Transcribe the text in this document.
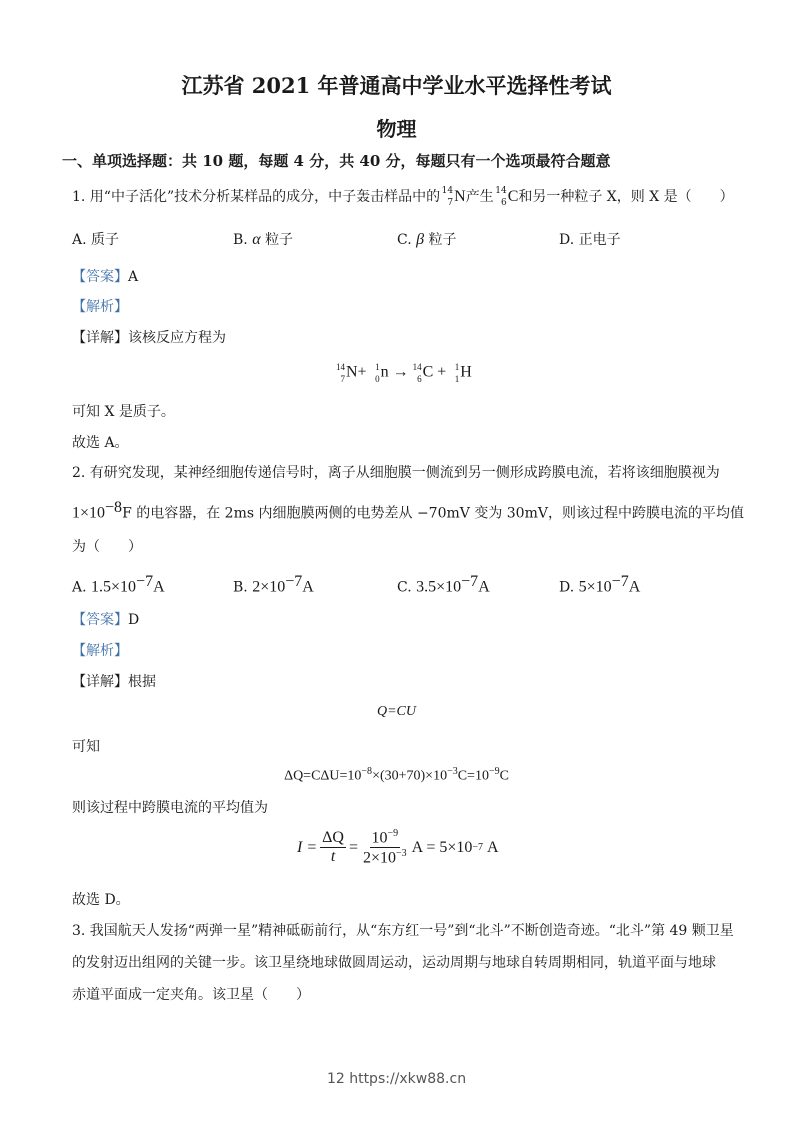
江苏省 2021 年普通高中学业水平选择性考试
物理
一、单项选择题：共 10 题，每题 4 分，共 40 分，每题只有一个选项最符合题意
1. 用“中子活化”技术分析某样品的成分，中子轰击样品中的 14
7 N产生 14
6 C和另一种粒子 X，则 X 是（　　）
A. 质子	B. α 粒子	C. β 粒子	D. 正电子
【答案】A
【解析】
【详解】该核反应方程为
14
7 N+ 1
0 n → 14
6 C + 1
1 H
可知 X 是质子。
故选 A。
2. 有研究发现，某神经细胞传递信号时，离子从细胞膜一侧流到另一侧形成跨膜电流，若将该细胞膜视为
$1\times 10^{-8}F$ 的电容器，在 2ms 内细胞膜两侧的电势差从 −70mV 变为 30mV，则该过程中跨膜电流的平均值
为（　　）
A. $1.5\times 10^{-7}A$	B. $2\times 10^{-7}A$	C. $3.5\times 10^{-7}A$	D. $5\times 10^{-7}A$
【答案】D
【解析】
【详解】根据
Q=CU
可知
$\Delta Q=C\Delta U=10^{-8}\times(30+70)\times 10^{-3}C=10^{-9}C$
则该过程中跨膜电流的平均值为
$I = \frac{\Delta Q}{t} = \frac{10^{-9}}{2\times 10^{-3}}$ A = 5×10 −7
A
故选 D。
3. 我国航天人发扬“两弹一星”精神砥砺前行，从“东方红一号”到“北斗”不断创造奇迹。“北斗”第 49 颗卫星
的发射迈出组网的关键一步。该卫星绕地球做圆周运动，运动周期与地球自转周期相同，轨道平面与地球
赤道平面成一定夹角。该卫星（　　）
12 https://xkw88.cn
